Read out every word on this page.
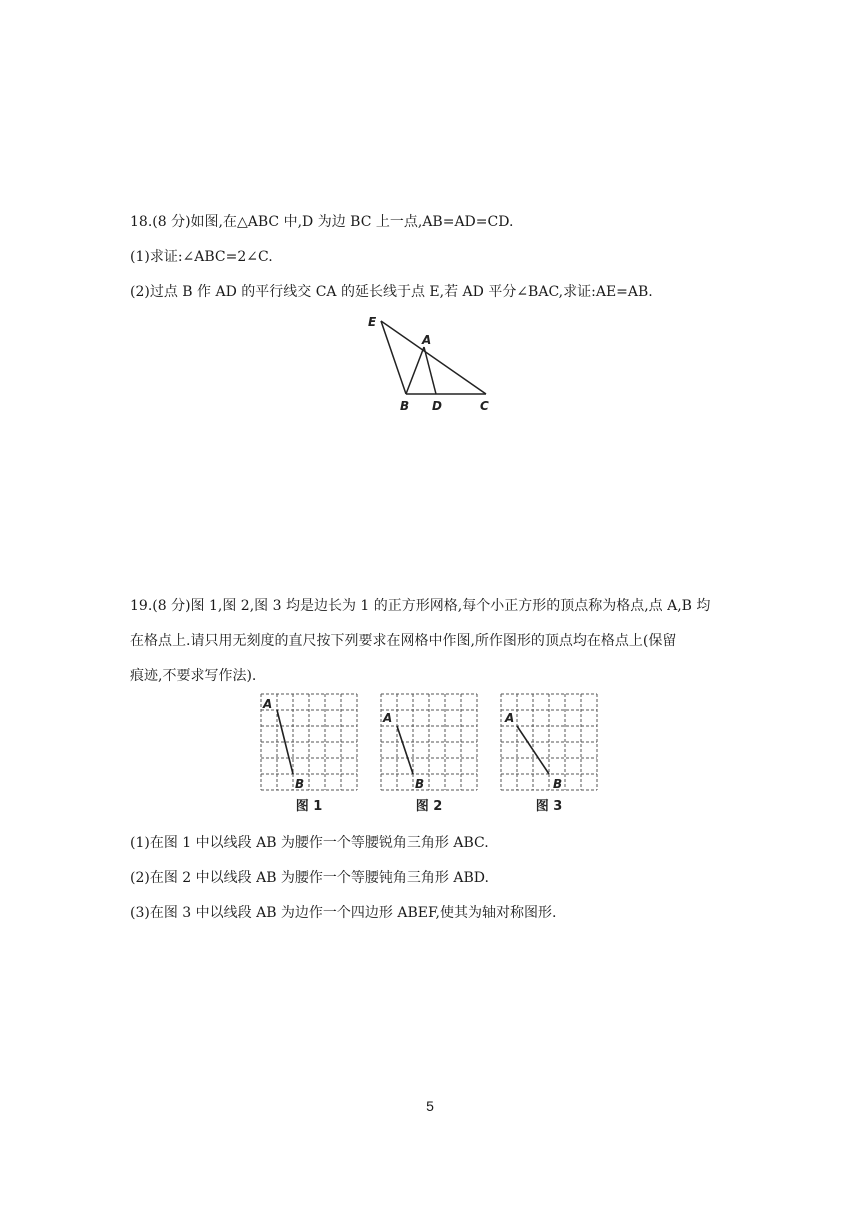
18.(8 分)如图,在△ABC 中,D 为边 BC 上一点,AB=AD=CD.
(1)求证:∠ABC=2∠C.
(2)过点 B 作 AD 的平行线交 CA 的延长线于点 E,若 AD 平分∠BAC,求证:AE=AB.
E
A
B D	C
19.(8 分)图 1,图 2,图 3 均是边长为 1 的正方形网格,每个小正方形的顶点称为格点,点 A,B 均
在格点上.请只用无刻度的直尺按下列要求在网格中作图,所作图形的顶点均在格点上(保留
痕迹,不要求写作法).
A
B
图 1
A
B
图 2
A
B
图 3
(1)在图 1 中以线段 AB 为腰作一个等腰锐角三角形 ABC.
(2)在图 2 中以线段 AB 为腰作一个等腰钝角三角形 ABD.
(3)在图 3 中以线段 AB 为边作一个四边形 ABEF,使其为轴对称图形.
5
